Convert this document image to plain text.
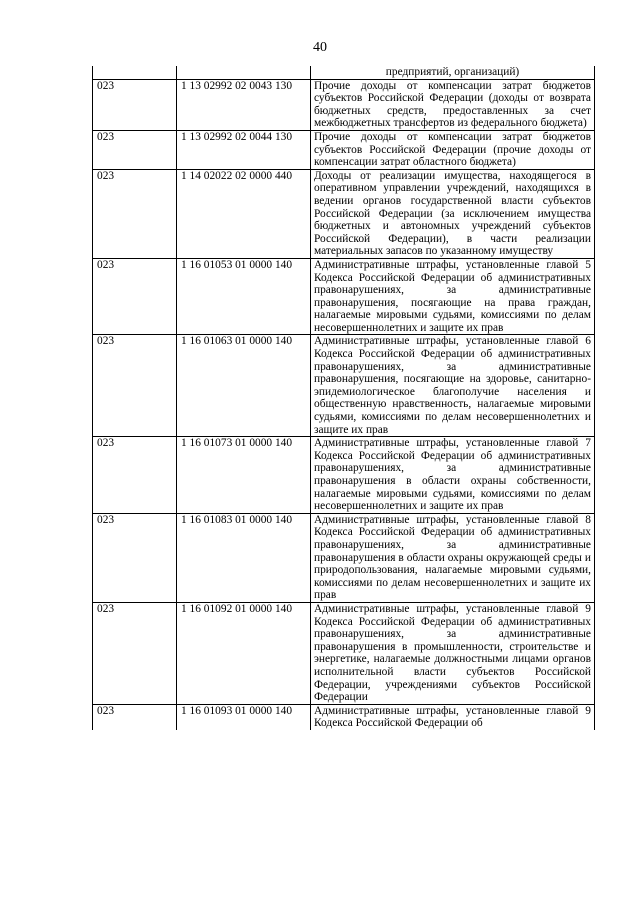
40
		предприятий, организаций)
023	1 13 02992 02 0043 130	Прочие доходы от компенсации затрат бюджетов субъектов Российской Федерации (доходы от возврата бюджетных средств, предоставленных за счет межбюджетных трансфертов из федерального бюджета)
023	1 13 02992 02 0044 130	Прочие доходы от компенсации затрат бюджетов субъектов Российской Федерации (прочие доходы от компенсации затрат областного бюджета)
023	1 14 02022 02 0000 440	Доходы от реализации имущества, находящегося в оперативном управлении учреждений, находящихся в ведении органов государственной власти субъектов Российской Федерации (за исключением имущества бюджетных и автономных учреждений субъектов Российской Федерации), в части реализации материальных запасов по указанному имуществу
023	1 16 01053 01 0000 140	Административные штрафы, установленные главой 5 Кодекса Российской Федерации об административных правонарушениях, за административные правонарушения, посягающие на права граждан, налагаемые мировыми судьями, комиссиями по делам несовершеннолетних и защите их прав
023	1 16 01063 01 0000 140	Административные штрафы, установленные главой 6 Кодекса Российской Федерации об административных правонарушениях, за административные правонарушения, посягающие на здоровье, санитарно-эпидемиологическое благополучие населения и общественную нравственность, налагаемые мировыми судьями, комиссиями по делам несовершеннолетних и защите их прав
023	1 16 01073 01 0000 140	Административные штрафы, установленные главой 7 Кодекса Российской Федерации об административных правонарушениях, за административные правонарушения в области охраны собственности, налагаемые мировыми судьями, комиссиями по делам несовершеннолетних и защите их прав
023	1 16 01083 01 0000 140	Административные штрафы, установленные главой 8 Кодекса Российской Федерации об административных правонарушениях, за административные правонарушения в области охраны окружающей среды и природопользования, налагаемые мировыми судьями, комиссиями по делам несовершеннолетних и защите их прав
023	1 16 01092 01 0000 140	Административные штрафы, установленные главой 9 Кодекса Российской Федерации об административных правонарушениях, за административные правонарушения в промышленности, строительстве и энергетике, налагаемые должностными лицами органов исполнительной власти субъектов Российской Федерации, учреждениями субъектов Российской Федерации
023	1 16 01093 01 0000 140	Административные штрафы, установленные главой 9 Кодекса Российской Федерации об
